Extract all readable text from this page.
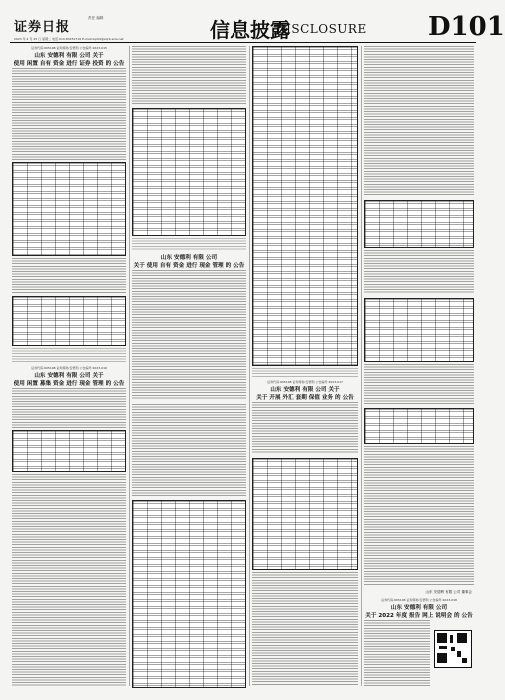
证券日报
责任 编辑
2023 年 4 月 25 日 星期二 电话:010-83251716 E-mail:zqrb9@zqrb.sina.net	信息披露
DISCLOSURE D101
证券代码:605198 证券简称:安德利 公告编号:2023-015
山东 安德利 有限 公司 关于
使用 闲置 自有 资金 进行 证券 投资 的 公告
证券代码:605198 证券简称:安德利 公告编号:2023-016
山东 安德利 有限 公司 关于
使用 闲置 募集 资金 进行 现金 管理 的 公告
山东 安德利 有限 公司
关于 使用 自有 资金 进行 现金 管理 的 公告
证券代码:605198 证券简称:安德利 公告编号:2023-017
山东 安德利 有限 公司 关于
关于 开展 外汇 套期 保值 业务 的 公告
山东 安德利 有限 公司 董事会
证券代码:605198 证券简称:安德利 公告编号:2023-018
山东 安德利 有限 公司
关于 2022 年度 报告 网上 说明会 的 公告
